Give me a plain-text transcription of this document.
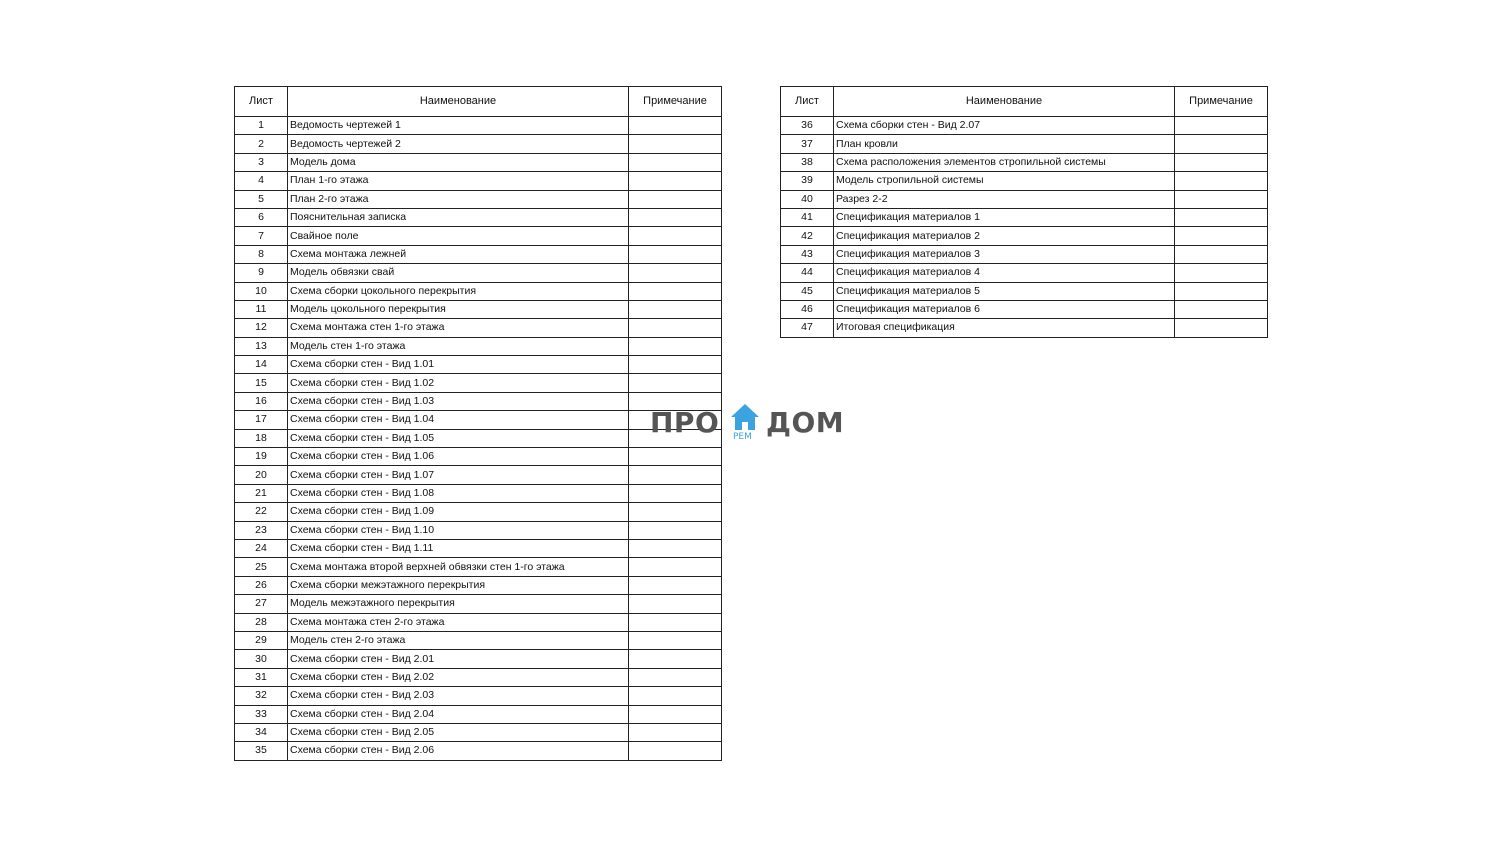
Лист	Наименование	Примечание
1	Ведомость чертежей 1	
2	Ведомость чертежей 2	
3	Модель дома	
4	План 1-го этажа	
5	План 2-го этажа	
6	Пояснительная записка	
7	Свайное поле	
8	Схема монтажа лежней	
9	Модель обвязки свай	
10	Схема сборки цокольного перекрытия	
11	Модель цокольного перекрытия	
12	Схема монтажа стен 1-го этажа	
13	Модель стен 1-го этажа	
14	Схема сборки стен - Вид 1.01	
15	Схема сборки стен - Вид 1.02	
16	Схема сборки стен - Вид 1.03	
17	Схема сборки стен - Вид 1.04	
18	Схема сборки стен - Вид 1.05	
19	Схема сборки стен - Вид 1.06	
20	Схема сборки стен - Вид 1.07	
21	Схема сборки стен - Вид 1.08	
22	Схема сборки стен - Вид 1.09	
23	Схема сборки стен - Вид 1.10	
24	Схема сборки стен - Вид 1.11	
25	Схема монтажа второй верхней обвязки стен 1-го этажа	
26	Схема сборки межэтажного перекрытия	
27	Модель межэтажного перекрытия	
28	Схема монтажа стен 2-го этажа	
29	Модель стен 2-го этажа	
30	Схема сборки стен - Вид 2.01	
31	Схема сборки стен - Вид 2.02	
32	Схема сборки стен - Вид 2.03	
33	Схема сборки стен - Вид 2.04	
34	Схема сборки стен - Вид 2.05	
35	Схема сборки стен - Вид 2.06	
Лист	Наименование	Примечание
36	Схема сборки стен - Вид 2.07	
37	План кровли	
38	Схема расположения элементов стропильной системы	
39	Модель стропильной системы	
40	Разрез 2-2	
41	Спецификация материалов 1	
42	Спецификация материалов 2	
43	Спецификация материалов 3	
44	Спецификация материалов 4	
45	Спецификация материалов 5	
46	Спецификация материалов 6	
47	Итоговая спецификация	
ПРО РЕМ ДОМ
